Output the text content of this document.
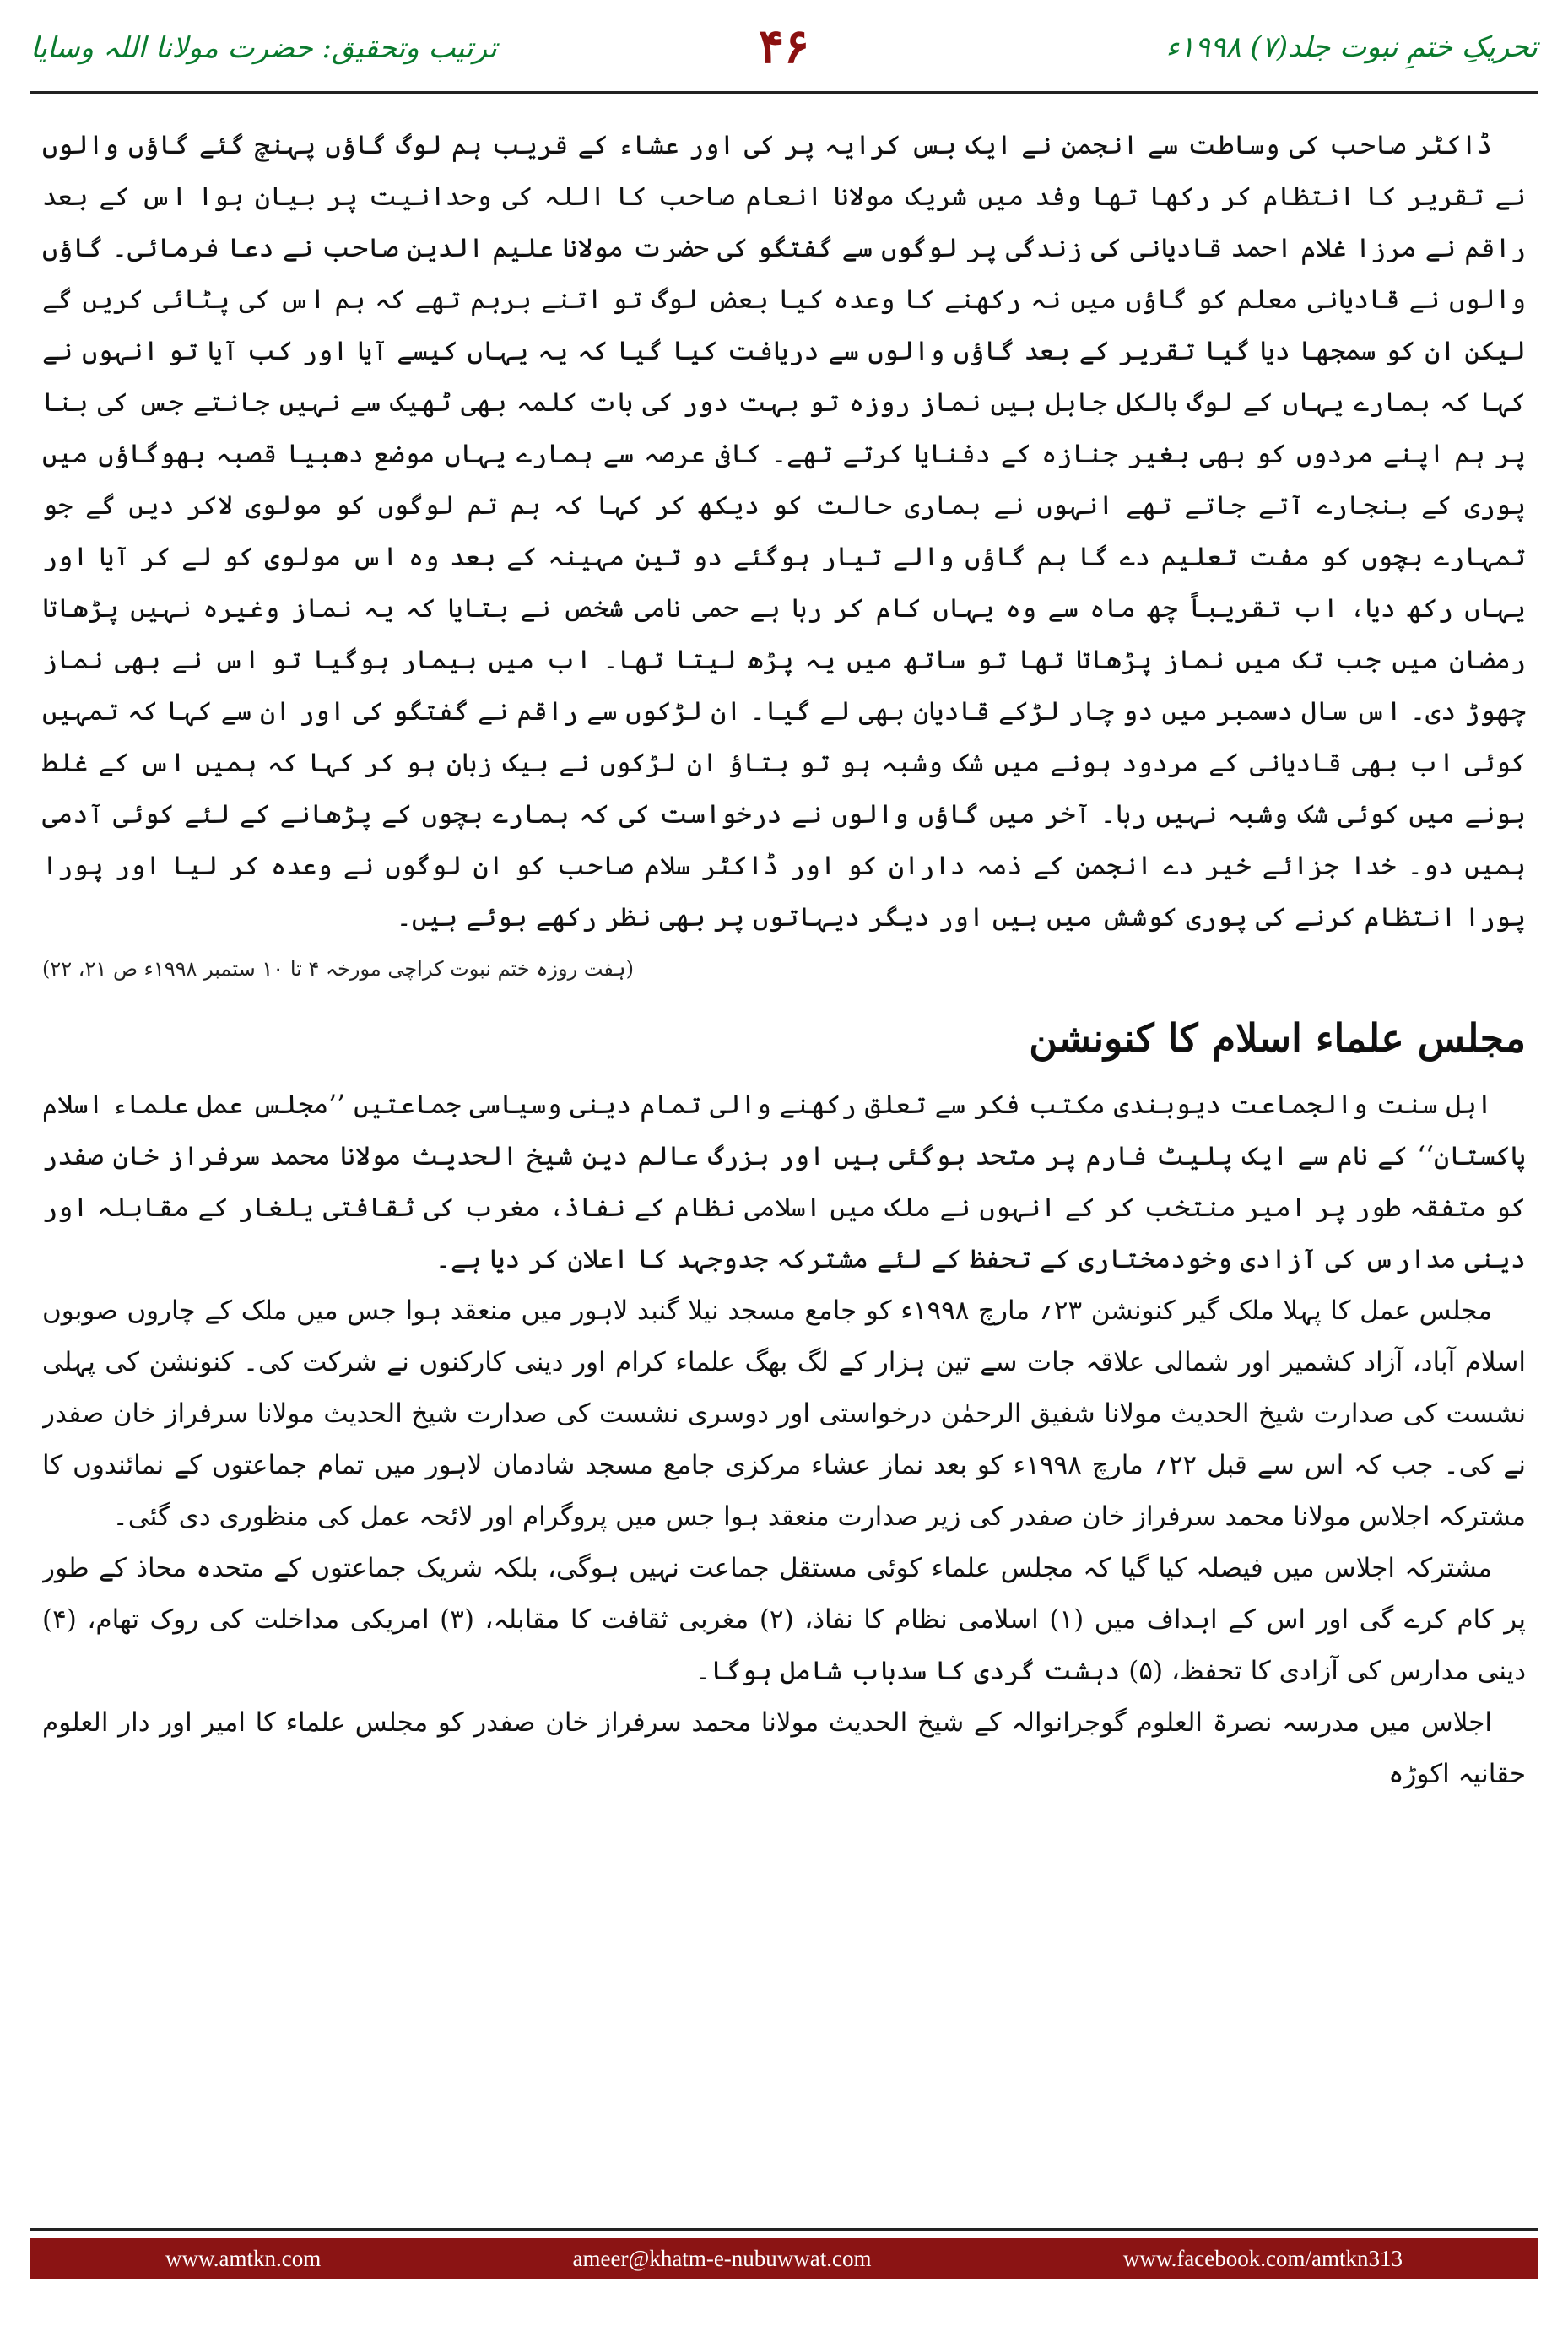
تحریکِ ختمِ نبوت جلد(۷) ۱۹۹۸ء
۴۶
ترتیب وتحقیق: حضرت مولانا اللہ وسایا

ڈاکٹر صاحب کی وساطت سے انجمن نے ایک بس کرایہ پر کی اور عشاء کے قریب ہم لوگ گاؤں پہنچ گئے گاؤں والوں نے تقریر کا انتظام کر رکھا تھا وفد میں شریک مولانا انعام صاحب کا اللہ کی وحدانیت پر بیان ہوا اس کے بعد راقم نے مرزا غلام احمد قادیانی کی زندگی پر لوگوں سے گفتگو کی حضرت مولانا علیم الدین صاحب نے دعا فرمائی۔ گاؤں والوں نے قادیانی معلم کو گاؤں میں نہ رکھنے کا وعدہ کیا بعض لوگ تو اتنے برہم تھے کہ ہم اس کی پٹائی کریں گے لیکن ان کو سمجھا دیا گیا تقریر کے بعد گاؤں والوں سے دریافت کیا گیا کہ یہ یہاں کیسے آیا اور کب آیا تو انہوں نے کہا کہ ہمارے یہاں کے لوگ بالکل جاہل ہیں نماز روزہ تو بہت دور کی بات کلمہ بھی ٹھیک سے نہیں جانتے جس کی بنا پر ہم اپنے مردوں کو بھی بغیر جنازہ کے دفنایا کرتے تھے۔ کافی عرصہ سے ہمارے یہاں موضع دھبیا قصبہ بھوگاؤں میں پوری کے بنجارے آتے جاتے تھے انہوں نے ہماری حالت کو دیکھ کر کہا کہ ہم تم لوگوں کو مولوی لاکر دیں گے جو تمہارے بچوں کو مفت تعلیم دے گا ہم گاؤں والے تیار ہوگئے دو تین مہینہ کے بعد وہ اس مولوی کو لے کر آیا اور یہاں رکھ دیا، اب تقریباً چھ ماہ سے وہ یہاں کام کر رہا ہے حمی نامی شخص نے بتایا کہ یہ نماز وغیرہ نہیں پڑھاتا رمضان میں جب تک میں نماز پڑھاتا تھا تو ساتھ میں یہ پڑھ لیتا تھا۔ اب میں بیمار ہوگیا تو اس نے بھی نماز چھوڑ دی۔ اس سال دسمبر میں دو چار لڑکے قادیان بھی لے گیا۔ ان لڑکوں سے راقم نے گفتگو کی اور ان سے کہا کہ تمہیں کوئی اب بھی قادیانی کے مردود ہونے میں شک وشبہ ہو تو بتاؤ ان لڑکوں نے بیک زبان ہو کر کہا کہ ہمیں اس کے غلط ہونے میں کوئی شک وشبہ نہیں رہا۔ آخر میں گاؤں والوں نے درخواست کی کہ ہمارے بچوں کے پڑھانے کے لئے کوئی آدمی ہمیں دو۔ خدا جزائے خیر دے انجمن کے ذمہ داران کو اور ڈاکٹر سلام صاحب کو ان لوگوں نے وعدہ کر لیا اور پورا پورا انتظام کرنے کی پوری کوشش میں ہیں اور دیگر دیہاتوں پر بھی نظر رکھے ہوئے ہیں۔

(ہفت روزہ ختم نبوت کراچی مورخہ ۴ تا ۱۰ ستمبر ۱۹۹۸ء ص ۲۱، ۲۲)
مجلس علماء اسلام کا کنونشن

اہل سنت والجماعت دیوبندی مکتب فکر سے تعلق رکھنے والی تمام دینی وسیاسی جماعتیں ’’مجلس عمل علماء اسلام پاکستان‘‘ کے نام سے ایک پلیٹ فارم پر متحد ہوگئی ہیں اور بزرگ عالم دین شیخ الحدیث مولانا محمد سرفراز خان صفدر کو متفقہ طور پر امیر منتخب کر کے انہوں نے ملک میں اسلامی نظام کے نفاذ، مغرب کی ثقافتی یلغار کے مقابلہ اور دینی مدارس کی آزادی وخودمختاری کے تحفظ کے لئے مشترکہ جدوجہد کا اعلان کر دیا ہے۔

مجلس عمل کا پہلا ملک گیر کنونشن ۲۳؍ مارچ ۱۹۹۸ء کو جامع مسجد نیلا گنبد لاہور میں منعقد ہوا جس میں ملک کے چاروں صوبوں اسلام آباد، آزاد کشمیر اور شمالی علاقہ جات سے تین ہزار کے لگ بھگ علماء کرام اور دینی کارکنوں نے شرکت کی۔ کنونشن کی پہلی نشست کی صدارت شیخ الحدیث مولانا شفیق الرحمٰن درخواستی اور دوسری نشست کی صدارت شیخ الحدیث مولانا سرفراز خان صفدر نے کی۔ جب کہ اس سے قبل ۲۲؍ مارچ ۱۹۹۸ء کو بعد نماز عشاء مرکزی جامع مسجد شادمان لاہور میں تمام جماعتوں کے نمائندوں کا مشترکہ اجلاس مولانا محمد سرفراز خان صفدر کی زیر صدارت منعقد ہوا جس میں پروگرام اور لائحہ عمل کی منظوری دی گئی۔

مشترکہ اجلاس میں فیصلہ کیا گیا کہ مجلس علماء کوئی مستقل جماعت نہیں ہوگی، بلکہ شریک جماعتوں کے متحدہ محاذ کے طور پر کام کرے گی اور اس کے اہداف میں (۱) اسلامی نظام کا نفاذ، (۲) مغربی ثقافت کا مقابلہ، (۳) امریکی مداخلت کی روک تھام، (۴) دینی مدارس کی آزادی کا تحفظ، (۵) دہشت گردی کا سدباب شامل ہوگا۔

اجلاس میں مدرسہ نصرۃ العلوم گوجرانوالہ کے شیخ الحدیث مولانا محمد سرفراز خان صفدر کو مجلس علماء کا امیر اور دار العلوم حقانیہ اکوڑہ

www.amtkn.com	ameer@khatm-e-nubuwwat.com	www.facebook.com/amtkn313
